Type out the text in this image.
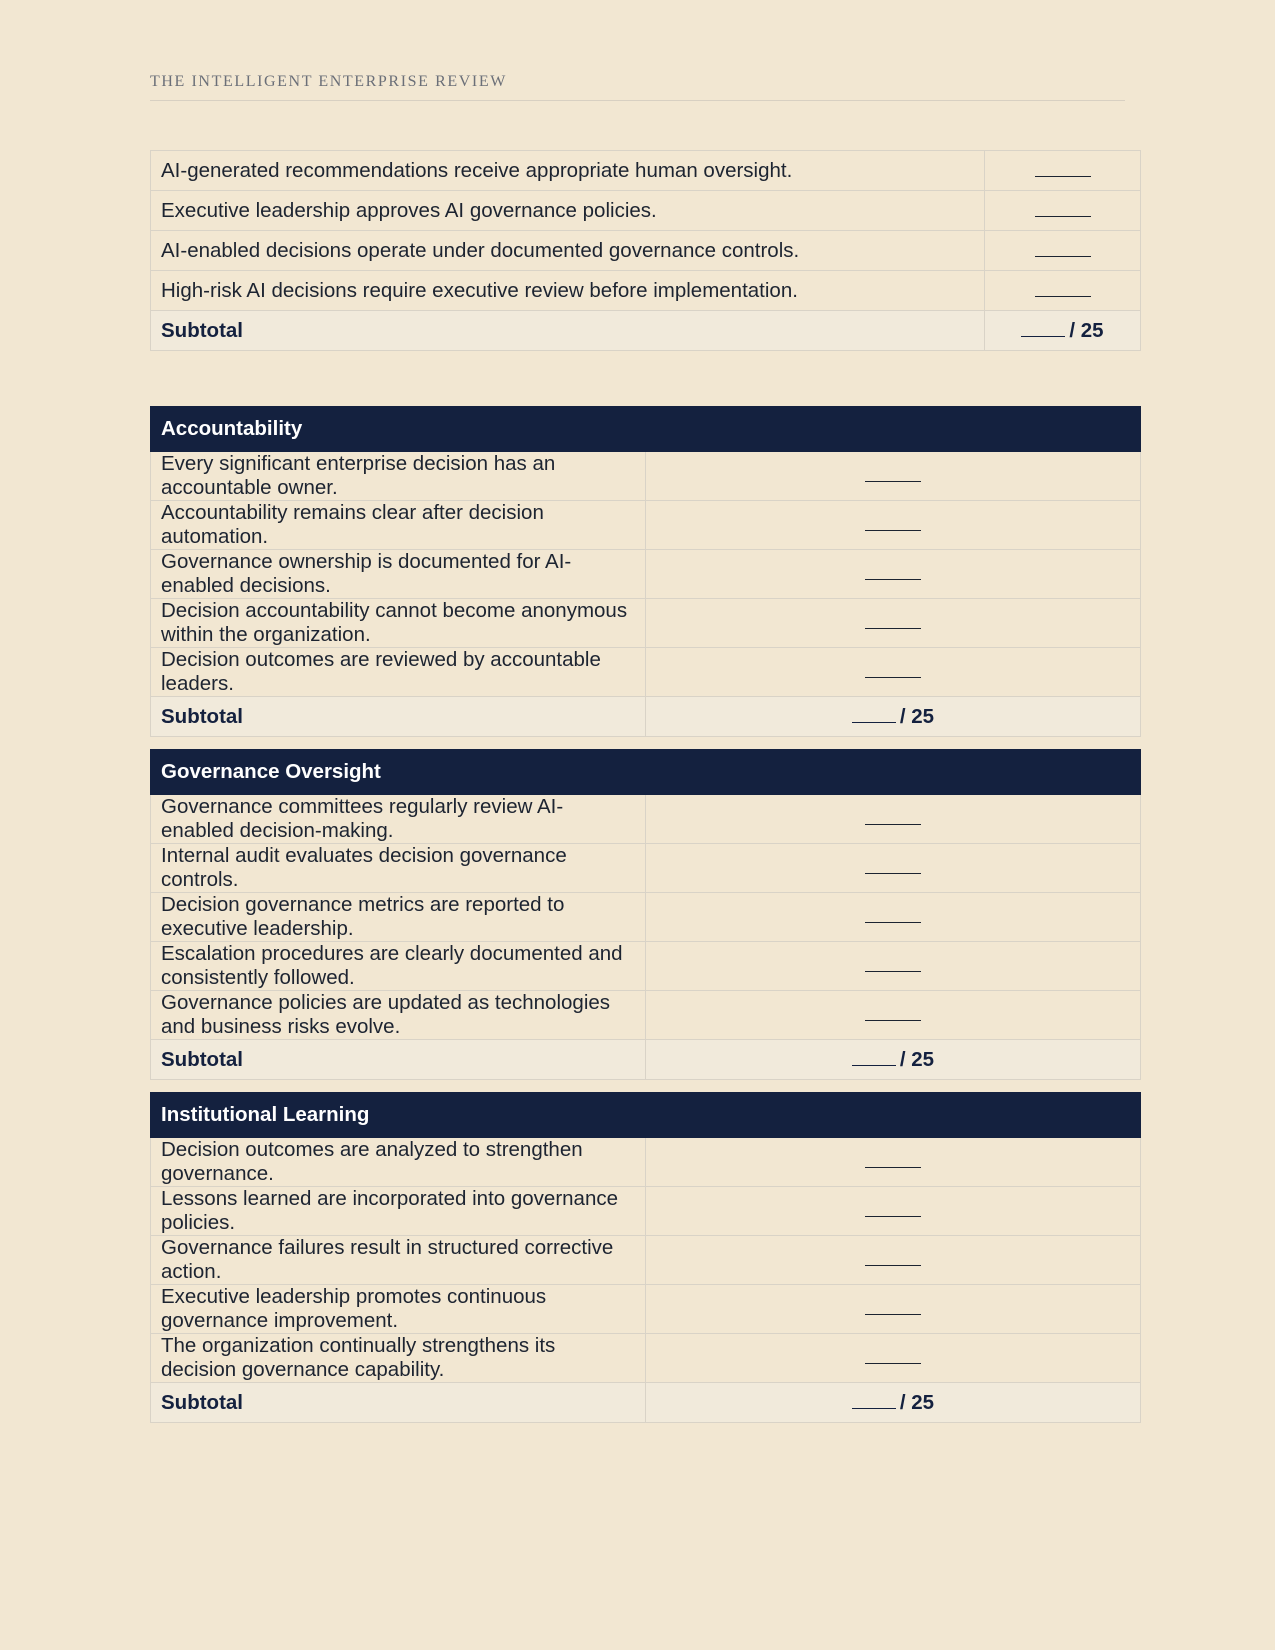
THE INTELLIGENT ENTERPRISE REVIEW
AI-generated recommendations receive appropriate human oversight.	
Executive leadership approves AI governance policies.	
AI-enabled decisions operate under documented governance controls.	
High-risk AI decisions require executive review before implementation.	
Subtotal	/ 25
Accountability	
Every significant enterprise decision has an accountable owner.	
Accountability remains clear after decision automation.	
Governance ownership is documented for AI-enabled decisions.	
Decision accountability cannot become anonymous within the organization.	
Decision outcomes are reviewed by accountable leaders.	
Subtotal	/ 25
Governance Oversight	
Governance committees regularly review AI-enabled decision-making.	
Internal audit evaluates decision governance controls.	
Decision governance metrics are reported to executive leadership.	
Escalation procedures are clearly documented and consistently followed.	
Governance policies are updated as technologies and business risks evolve.	
Subtotal	/ 25
Institutional Learning	
Decision outcomes are analyzed to strengthen governance.	
Lessons learned are incorporated into governance policies.	
Governance failures result in structured corrective action.	
Executive leadership promotes continuous governance improvement.	
The organization continually strengthens its decision governance capability.	
Subtotal	/ 25
